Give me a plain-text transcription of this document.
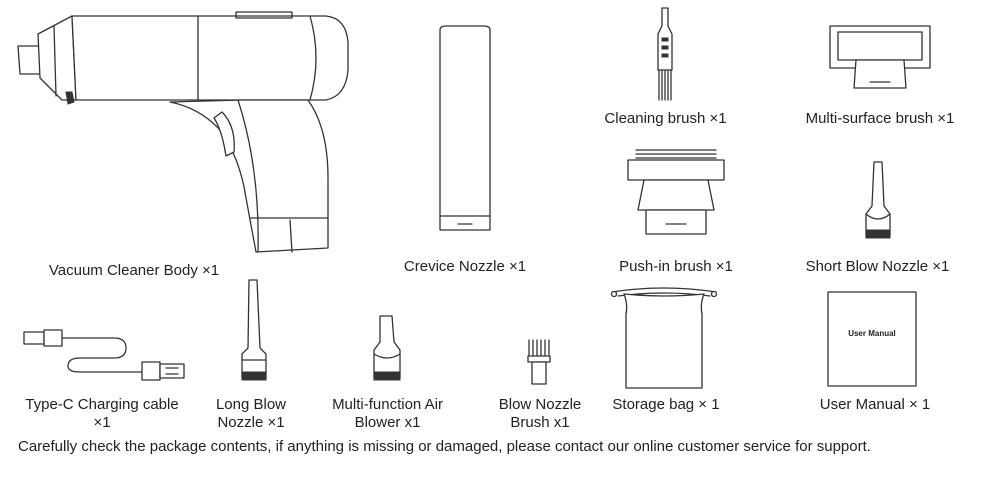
Vacuum Cleaner Body ×1	Crevice Nozzle ×1
Cleaning brush ×1	Multi-surface brush ×1
Push-in brush ×1	Short Blow Nozzle ×1
Type-C Charging cable ×1
Long Blow Nozzle ×1
Multi-function Air Blower x1
Blow Nozzle Brush x1
Storage bag × 1
User Manual
User Manual × 1
Carefully check the package contents, if anything is missing or damaged, please contact our online customer service for support.
